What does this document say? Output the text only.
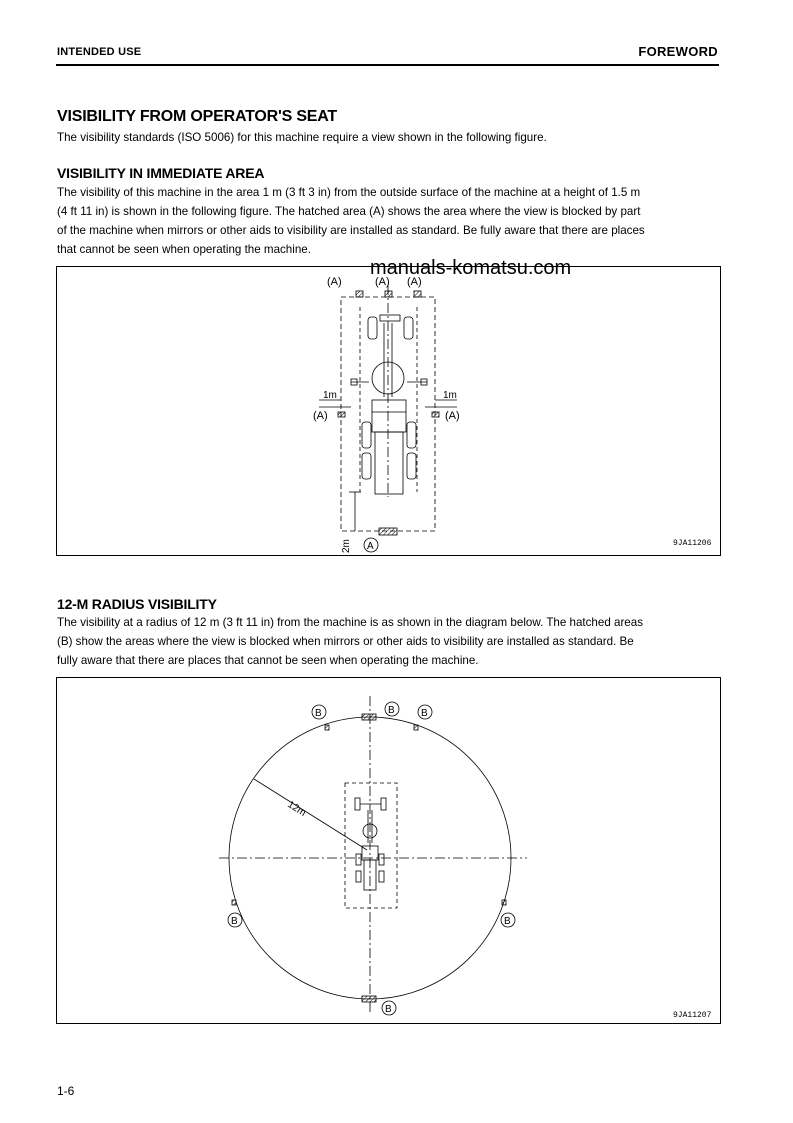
INTENDED USE	FOREWORD
VISIBILITY FROM OPERATOR'S SEAT
The visibility standards (ISO 5006) for this machine require a view shown in the following figure.
VISIBILITY IN IMMEDIATE AREA
The visibility of this machine in the area 1 m (3 ft 3 in) from the outside surface of the machine at a height of 1.5 m
(4 ft 11 in) is shown in the following figure. The hatched area (A) shows the area where the view is blocked by part
of the machine when mirrors or other aids to visibility are installed as standard. Be fully aware that there are places
that cannot be seen when operating the machine.
(A)	(A) (A)
(A)	(A)
1m	1m
2m A	9JA11206
manuals-komatsu.com
12-M RADIUS VISIBILITY
The visibility at a radius of 12 m (3 ft 11 in) from the machine is as shown in the diagram below. The hatched areas
(B) show the areas where the view is blocked when mirrors or other aids to visibility are installed as standard. Be
fully aware that there are places that cannot be seen when operating the machine.
12m
B	B	B
B	B
B
9JA11207
1-6
